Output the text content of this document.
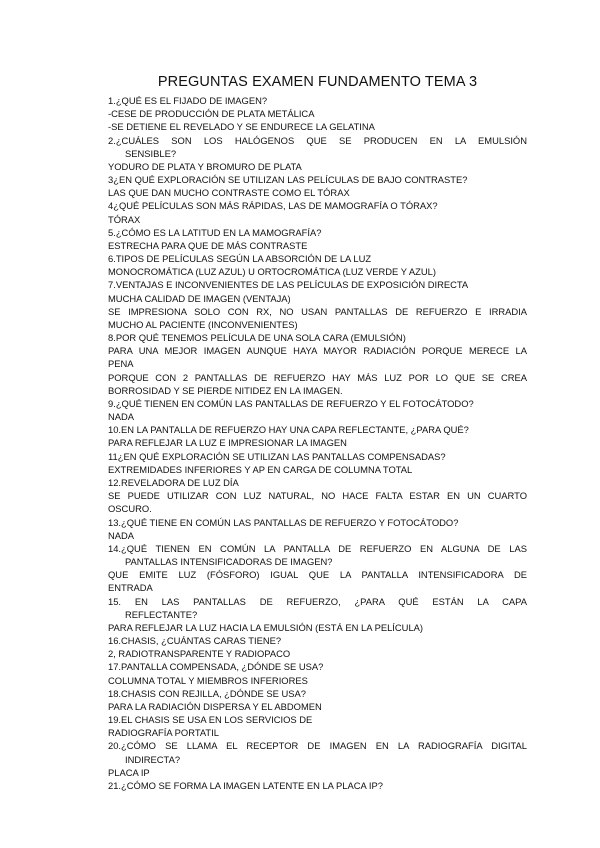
PREGUNTAS EXAMEN FUNDAMENTO TEMA 3
1.¿QUÉ ES EL FIJADO DE IMAGEN?
-CESE DE PRODUCCIÓN DE PLATA METÁLICA
-SE DETIENE EL REVELADO Y SE ENDURECE LA GELATINA
2.¿CUÁLES SON LOS HALÓGENOS QUE SE PRODUCEN EN LA EMULSIÓN
SENSIBLE?
YODURO DE PLATA Y BROMURO DE PLATA
3¿EN QUÉ EXPLORACIÓN SE UTILIZAN LAS PELÍCULAS DE BAJO CONTRASTE?
LAS QUE DAN MUCHO CONTRASTE COMO EL TÓRAX
4¿QUÉ PELÍCULAS SON MÁS RÁPIDAS, LAS DE MAMOGRAFÍA O TÓRAX?
TÓRAX
5.¿CÓMO ES LA LATITUD EN LA MAMOGRAFÍA?
ESTRECHA PARA QUE DE MÁS CONTRASTE
6.TIPOS DE PELÍCULAS SEGÚN LA ABSORCIÓN DE LA LUZ
MONOCROMÁTICA (LUZ AZUL) U ORTOCROMÁTICA (LUZ VERDE Y AZUL)
7.VENTAJAS E INCONVENIENTES DE LAS PELÍCULAS DE EXPOSICIÓN DIRECTA
MUCHA CALIDAD DE IMAGEN (VENTAJA)
SE IMPRESIONA SOLO CON RX, NO USAN PANTALLAS DE REFUERZO E IRRADIA
MUCHO AL PACIENTE (INCONVENIENTES)
8.POR QUÉ TENEMOS PELÍCULA DE UNA SOLA CARA (EMULSIÓN)
PARA UNA MEJOR IMAGEN AUNQUE HAYA MAYOR RADIACIÓN PORQUE MERECE LA
PENA
PORQUE CON 2 PANTALLAS DE REFUERZO HAY MÁS LUZ POR LO QUE SE CREA
BORROSIDAD Y SE PIERDE NITIDEZ EN LA IMAGEN.
9.¿QUÉ TIENEN EN COMÚN LAS PANTALLAS DE REFUERZO Y EL FOTOCÁTODO?
NADA
10.EN LA PANTALLA DE REFUERZO HAY UNA CAPA REFLECTANTE, ¿PARA QUÉ?
PARA REFLEJAR LA LUZ E IMPRESIONAR LA IMAGEN
11¿EN QUÉ EXPLORACIÓN SE UTILIZAN LAS PANTALLAS COMPENSADAS?
EXTREMIDADES INFERIORES Y AP EN CARGA DE COLUMNA TOTAL
12.REVELADORA DE LUZ DÍA
SE PUEDE UTILIZAR CON LUZ NATURAL, NO HACE FALTA ESTAR EN UN CUARTO
OSCURO.
13.¿QUÉ TIENE EN COMÚN LAS PANTALLAS DE REFUERZO Y FOTOCÁTODO?
NADA
14.¿QUÉ TIENEN EN COMÚN LA PANTALLA DE REFUERZO EN ALGUNA DE LAS
PANTALLAS INTENSIFICADORAS DE IMAGEN?
QUE EMITE LUZ (FÓSFORO) IGUAL QUE LA PANTALLA INTENSIFICADORA DE
ENTRADA
15. EN LAS PANTALLAS DE REFUERZO, ¿PARA QUÉ ESTÁN LA CAPA
REFLECTANTE?
PARA REFLEJAR LA LUZ HACIA LA EMULSIÓN (ESTÁ EN LA PELÍCULA)
16.CHASIS, ¿CUÁNTAS CARAS TIENE?
2, RADIOTRANSPARENTE Y RADIOPACO
17.PANTALLA COMPENSADA, ¿DÓNDE SE USA?
COLUMNA TOTAL Y MIEMBROS INFERIORES
18.CHASIS CON REJILLA, ¿DÓNDE SE USA?
PARA LA RADIACIÓN DISPERSA Y EL ABDOMEN
19.EL CHASIS SE USA EN LOS SERVICIOS DE
RADIOGRAFÍA PORTATIL
20.¿CÓMO SE LLAMA EL RECEPTOR DE IMAGEN EN LA RADIOGRAFÍA DIGITAL
INDIRECTA?
PLACA IP
21.¿CÓMO SE FORMA LA IMAGEN LATENTE EN LA PLACA IP?
